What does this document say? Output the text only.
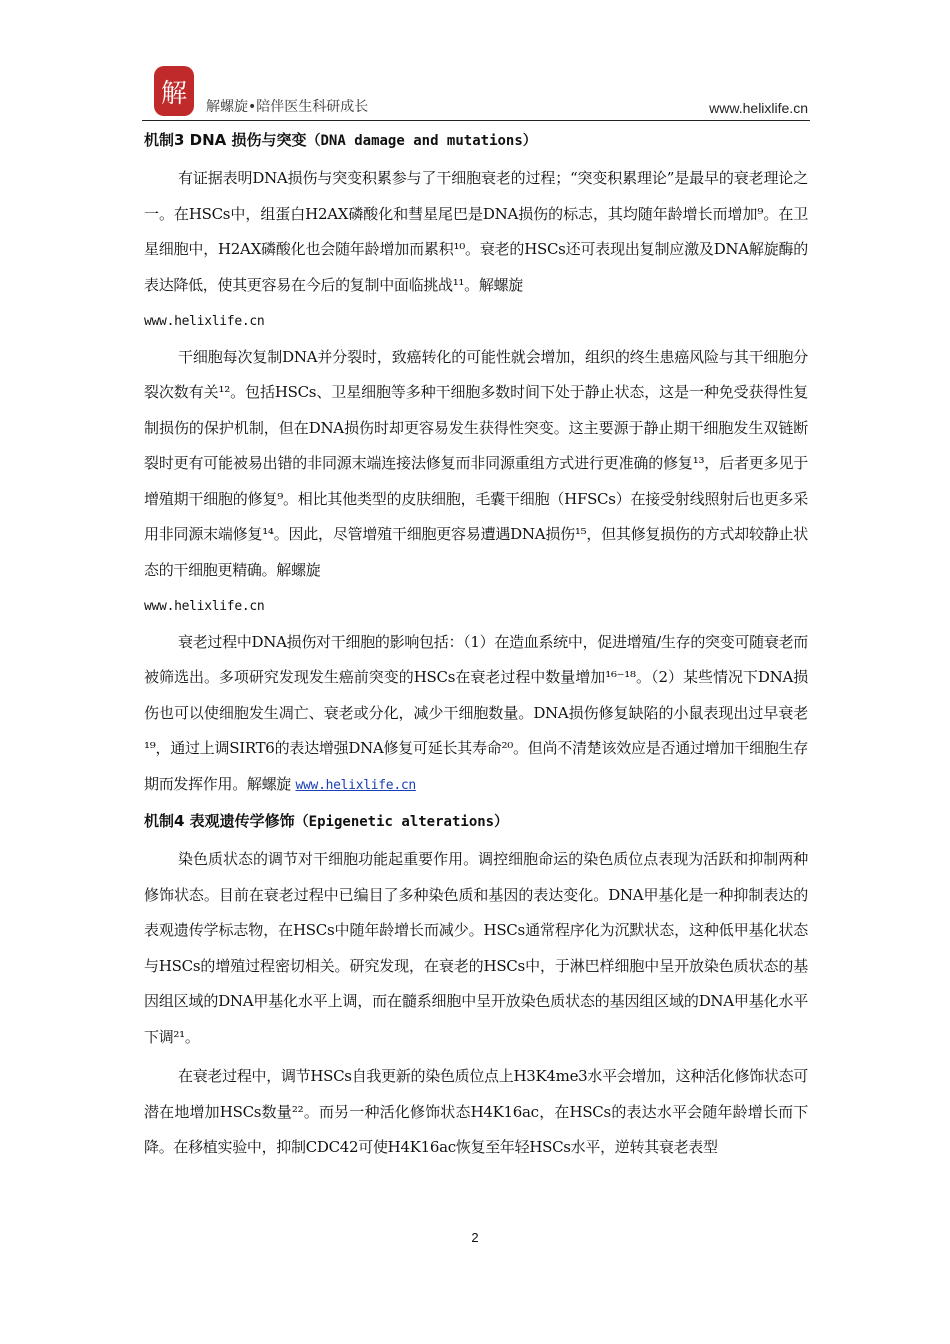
解	解螺旋•陪伴医生科研成长	www.helixlife.cn
机制3 DNA 损伤与突变（DNA damage and mutations）

有证据表明DNA损伤与突变积累参与了干细胞衰老的过程；“突变积累理论”是最早的衰老理论之一。在HSCs中，组蛋白H2AX磷酸化和彗星尾巴是DNA损伤的标志，其均随年龄增长而增加⁹。在卫星细胞中，H2AX磷酸化也会随年龄增加而累积¹⁰。衰老的HSCs还可表现出复制应激及DNA解旋酶的表达降低，使其更容易在今后的复制中面临挑战¹¹。解螺旋

www.helixlife.cn

干细胞每次复制DNA并分裂时，致癌转化的可能性就会增加，组织的终生患癌风险与其干细胞分裂次数有关¹²。包括HSCs、卫星细胞等多种干细胞多数时间下处于静止状态，这是一种免受获得性复制损伤的保护机制，但在DNA损伤时却更容易发生获得性突变。这主要源于静止期干细胞发生双链断裂时更有可能被易出错的非同源末端连接法修复而非同源重组方式进行更准确的修复¹³，后者更多见于增殖期干细胞的修复⁹。相比其他类型的皮肤细胞，毛囊干细胞（HFSCs）在接受射线照射后也更多采用非同源末端修复¹⁴。因此，尽管增殖干细胞更容易遭遇DNA损伤¹⁵，但其修复损伤的方式却较静止状态的干细胞更精确。解螺旋

www.helixlife.cn

衰老过程中DNA损伤对干细胞的影响包括：（1）在造血系统中，促进增殖/生存的突变可随衰老而被筛选出。多项研究发现发生癌前突变的HSCs在衰老过程中数量增加¹⁶⁻¹⁸。（2）某些情况下DNA损伤也可以使细胞发生凋亡、衰老或分化，减少干细胞数量。DNA损伤修复缺陷的小鼠表现出过早衰老¹⁹，通过上调SIRT6的表达增强DNA修复可延长其寿命²⁰。但尚不清楚该效应是否通过增加干细胞生存期而发挥作用。解螺旋 www.helixlife.cn

机制4 表观遗传学修饰（Epigenetic alterations）

染色质状态的调节对干细胞功能起重要作用。调控细胞命运的染色质位点表现为活跃和抑制两种修饰状态。目前在衰老过程中已编目了多种染色质和基因的表达变化。DNA甲基化是一种抑制表达的表观遗传学标志物，在HSCs中随年龄增长而减少。HSCs通常程序化为沉默状态，这种低甲基化状态与HSCs的增殖过程密切相关。研究发现，在衰老的HSCs中，于淋巴样细胞中呈开放染色质状态的基因组区域的DNA甲基化水平上调，而在髓系细胞中呈开放染色质状态的基因组区域的DNA甲基化水平下调²¹。

在衰老过程中，调节HSCs自我更新的染色质位点上H3K4me3水平会增加，这种活化修饰状态可潜在地增加HSCs数量²²。而另一种活化修饰状态H4K16ac，在HSCs的表达水平会随年龄增长而下降。在移植实验中，抑制CDC42可使H4K16ac恢复至年轻HSCs水平，逆转其衰老表型

2
